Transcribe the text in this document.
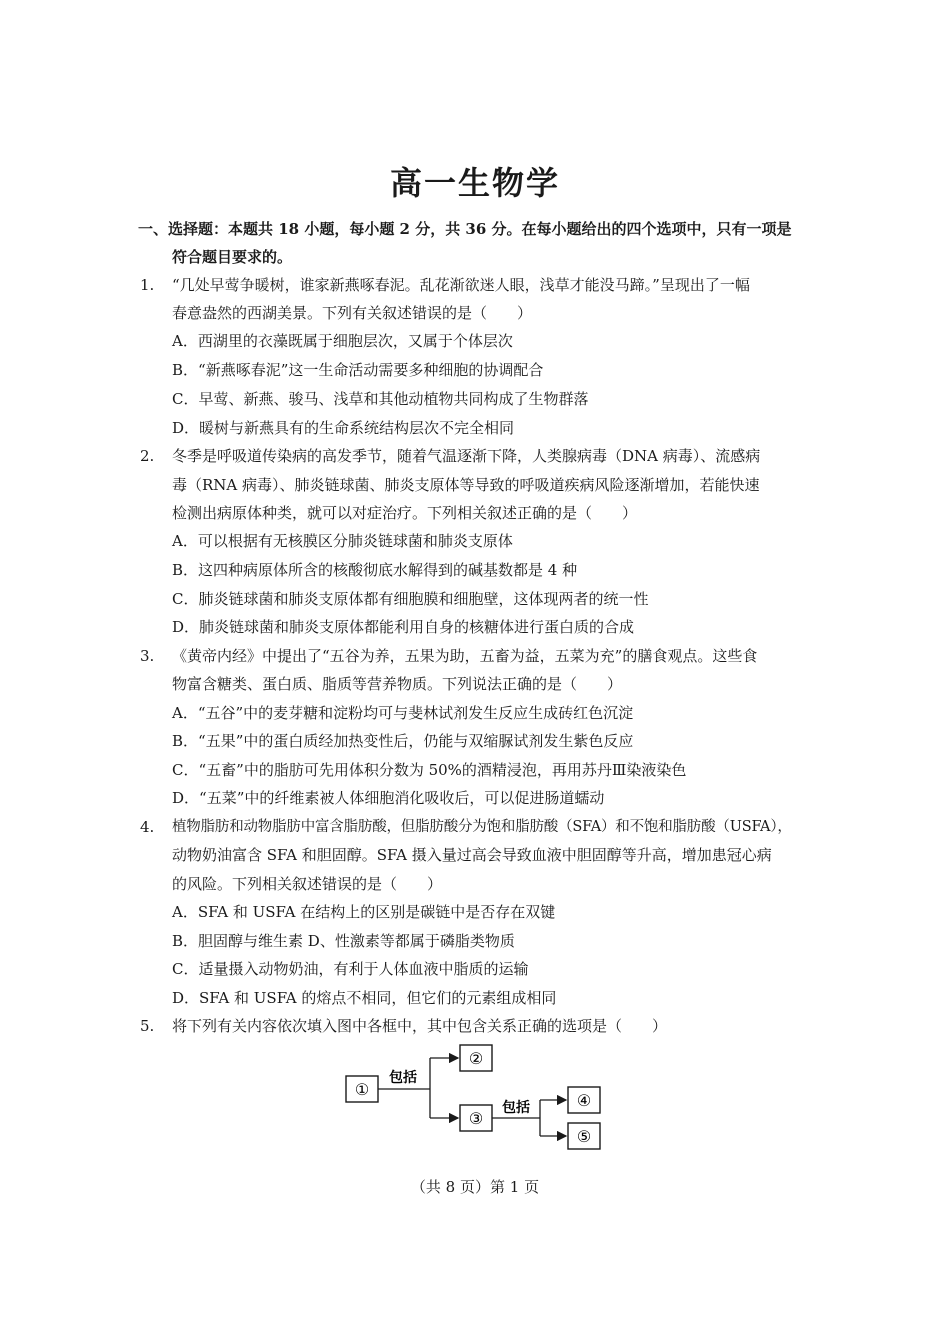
高一生物学
一、选择题：本题共 18 小题，每小题 2 分，共 36 分。在每小题给出的四个选项中，只有一项是
符合题目要求的。
1. “几处早莺争暖树，谁家新燕啄春泥。乱花渐欲迷人眼，浅草才能没马蹄。”呈现出了一幅
春意盎然的西湖美景。下列有关叙述错误的是（　　）
A．西湖里的衣藻既属于细胞层次，又属于个体层次
B．“新燕啄春泥”这一生命活动需要多种细胞的协调配合
C．早莺、新燕、骏马、浅草和其他动植物共同构成了生物群落
D．暖树与新燕具有的生命系统结构层次不完全相同
2. 冬季是呼吸道传染病的高发季节，随着气温逐渐下降，人类腺病毒（DNA 病毒）、流感病
毒（RNA 病毒）、肺炎链球菌、肺炎支原体等导致的呼吸道疾病风险逐渐增加，若能快速
检测出病原体种类，就可以对症治疗。下列相关叙述正确的是（　　）
A．可以根据有无核膜区分肺炎链球菌和肺炎支原体
B．这四种病原体所含的核酸彻底水解得到的碱基数都是 4 种
C．肺炎链球菌和肺炎支原体都有细胞膜和细胞壁，这体现两者的统一性
D．肺炎链球菌和肺炎支原体都能利用自身的核糖体进行蛋白质的合成
3. 《黄帝内经》中提出了“五谷为养，五果为助，五畜为益，五菜为充”的膳食观点。这些食
物富含糖类、蛋白质、脂质等营养物质。下列说法正确的是（　　）
A．“五谷”中的麦芽糖和淀粉均可与斐林试剂发生反应生成砖红色沉淀
B．“五果”中的蛋白质经加热变性后，仍能与双缩脲试剂发生紫色反应
C．“五畜”中的脂肪可先用体积分数为 50%的酒精浸泡，再用苏丹Ⅲ染液染色
D．“五菜”中的纤维素被人体细胞消化吸收后，可以促进肠道蠕动
4. 植物脂肪和动物脂肪中富含脂肪酸，但脂肪酸分为饱和脂肪酸（SFA）和不饱和脂肪酸（USFA），
动物奶油富含 SFA 和胆固醇。SFA 摄入量过高会导致血液中胆固醇等升高，增加患冠心病
的风险。下列相关叙述错误的是（　　）
A．SFA 和 USFA 在结构上的区别是碳链中是否存在双键
B．胆固醇与维生素 D、性激素等都属于磷脂类物质
C．适量摄入动物奶油，有利于人体血液中脂质的运输
D．SFA 和 USFA 的熔点不相同，但它们的元素组成相同
5. 将下列有关内容依次填入图中各框中，其中包含关系正确的选项是（　　）
①
包括
②
③
包括	④
⑤
（共 8 页）第 1 页
